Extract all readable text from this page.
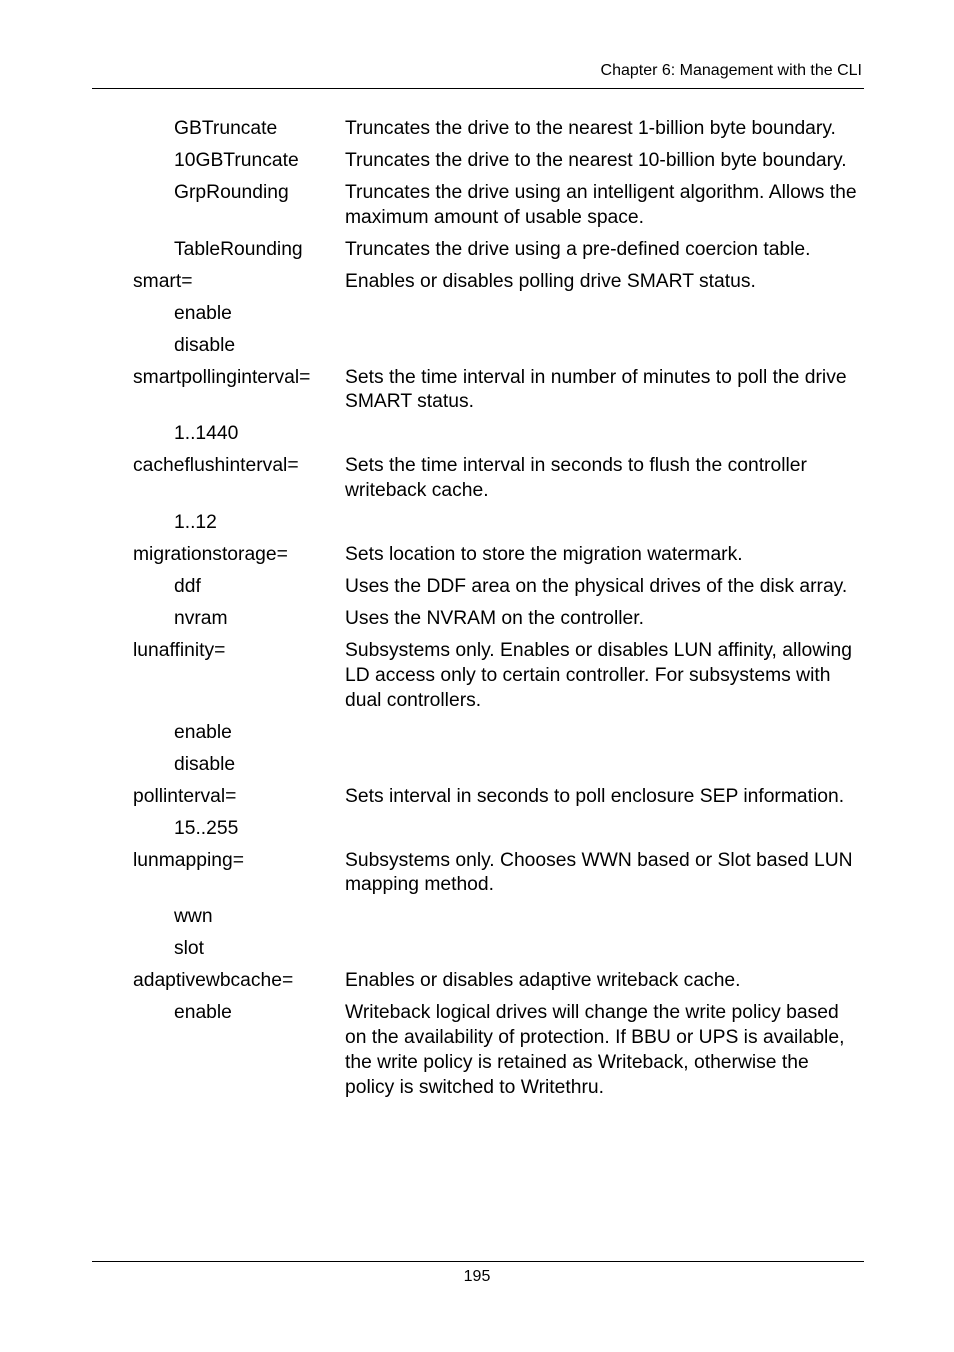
Chapter 6: Management with the CLI
GBTruncate	Truncates the drive to the nearest 1-billion byte boundary.
10GBTruncate	Truncates the drive to the nearest 10-billion byte boundary.
GrpRounding	Truncates the drive using an intelligent algorithm. Allows the maximum amount of usable space.
TableRounding	Truncates the drive using a pre-defined coercion table.
smart=	Enables or disables polling drive SMART status.
enable
disable
smartpollinginterval=	Sets the time interval in number of minutes to poll the drive SMART status.
1..1440
cacheflushinterval=	Sets the time interval in seconds to flush the controller writeback cache.
1..12
migrationstorage=	Sets location to store the migration watermark.
ddf	Uses the DDF area on the physical drives of the disk array.
nvram	Uses the NVRAM on the controller.
lunaffinity=	Subsystems only. Enables or disables LUN affinity, allowing LD access only to certain controller. For subsystems with dual controllers.
enable
disable
pollinterval=	Sets interval in seconds to poll enclosure SEP information.
15..255
lunmapping=	Subsystems only. Chooses WWN based or Slot based LUN mapping method.
wwn
slot
adaptivewbcache=	Enables or disables adaptive writeback cache.
enable	Writeback logical drives will change the write policy based on the availability of protection. If BBU or UPS is available, the write policy is retained as Writeback, otherwise the policy is switched to Writethru.
195
